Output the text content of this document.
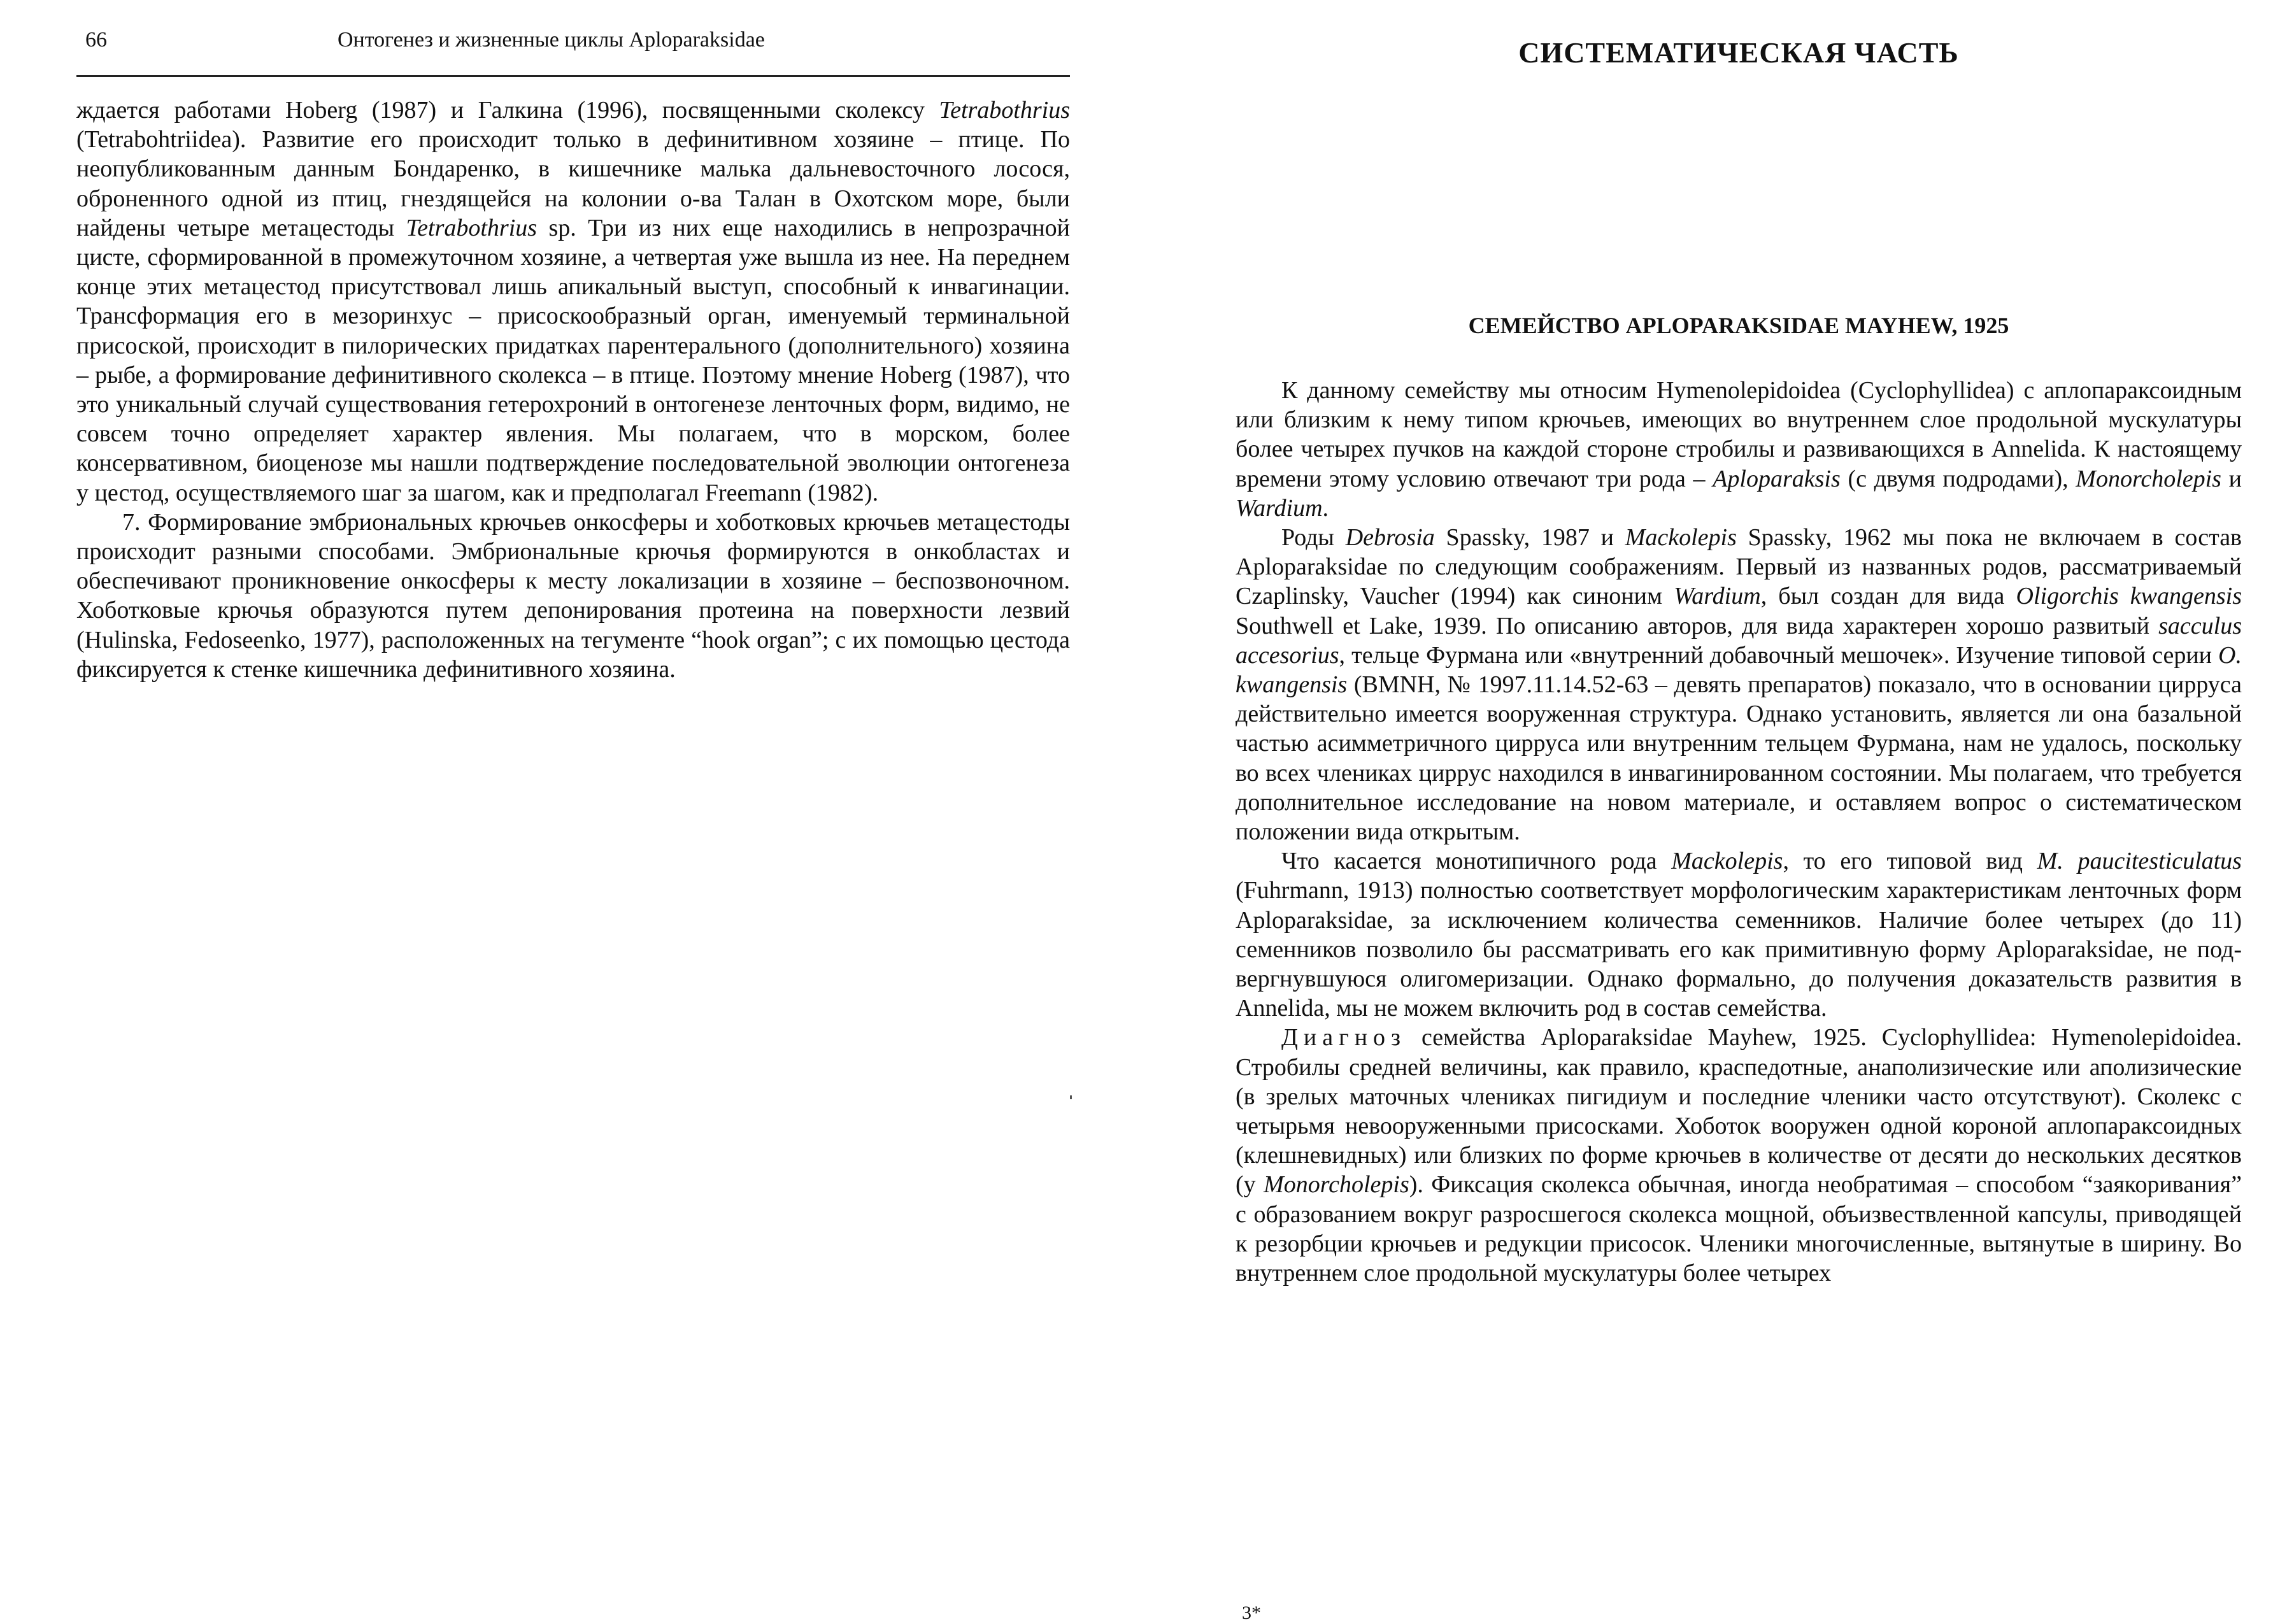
66	Онтогенез и жизненные циклы Aploparaksidae

ждается работами Hoberg (1987) и Галкина (1996), посвященными сколексу Tetrabothrius (Tetrabohtriidea). Развитие его происходит только в дефинитивном хозяине – птице. По неопубликованным данным Бондаренко, в кишечнике малька дальневосточного лосося, оброненного одной из птиц, гнездящейся на колонии о-ва Талан в Охотском море, были найдены четыре метацестоды Tetrabothrius sp. Три из них еще находились в непрозрачной цисте, сформированной в промежуточном хозяине, а четвертая уже вышла из нее. На переднем конце этих метацестод присутствовал лишь апикальный выступ, способный к инвагинации. Трансформация его в мезоринхус – присоскообразный орган, именуемый терминальной присоской, происходит в пилорических придатках парентерального (дополнительного) хозяина – рыбе, а формирование дефинитивного сколекса – в птице. Поэтому мнение Hoberg (1987), что это уникальный случай существования гетерохроний в онтогенезе ленточных форм, видимо, не совсем точно определяет характер явления. Мы полагаем, что в морском, более консервативном, биоценозе мы нашли подтверждение последовательной эволюции онтогенеза у цестод, осуществляемого шаг за шагом, как и предполагал Freemann (1982).

7. Формирование эмбриональных крючьев онкосферы и хоботковых крючьев метацестоды происходит разными способами. Эмбриональные крючья формируются в онкобластах и обеспечивают проникновение онкосферы к месту локализации в хозяине – беспозвоночном. Хоботковые крючья образуются путем депонирования протеина на поверхности лезвий (Hulinska, Fedoseenko, 1977), расположенных на тегументе “hook organ”; с их помощью цестода фиксируется к стенке кишечника дефинитивного хозяина.

СИСТЕМАТИЧЕСКАЯ ЧАСТЬ
СЕМЕЙСТВО APLOPARAKSIDAE MAYHEW, 1925

К данному семейству мы относим Hymenolepidoidea (Cyclophyllidea) с аплопараксоидным или близким к нему типом крючьев, имеющих во внутреннем слое продольной мускулатуры более четырех пучков на каждой стороне стробилы и развивающихся в Annelida. К настоящему времени этому условию отвечают три рода – Aploparaksis (с двумя подродами), Monorcholepis и Wardium.

Роды Debrosia Spassky, 1987 и Mackolepis Spassky, 1962 мы пока не включаем в состав Aploparaksidae по следующим соображениям. Первый из названных родов, рассматриваемый Czaplinsky, Vaucher (1994) как синоним Wardium, был создан для вида Oligorchis kwangensis Southwell et Lake, 1939. По описанию авторов, для вида характерен хорошо развитый sacculus accesorius, тельце Фурмана или «внутренний добавочный мешочек». Изучение типовой серии O. kwangensis (BMNH, № 1997.11.14.52-63 – девять препаратов) показало, что в основании цирруса действительно имеется вооруженная структура. Однако установить, является ли она базальной частью асимметричного цирруса или внутренним тельцем Фурмана, нам не удалось, поскольку во всех члениках циррус находился в инвагинированном состоянии. Мы полагаем, что требуется дополнительное исследование на новом материале, и оставляем вопрос о систематическом положении вида открытым.

Что касается монотипичного рода Mackolepis, то его типовой вид M. paucitesticulatus (Fuhrmann, 1913) полностью соответствует морфологическим характеристикам ленточных форм Aploparaksidae, за исключением количества семенников. Наличие более четырех (до 11) семенников позволило бы рассматривать его как примитивную форму Aploparaksidae, не подвергнувшуюся олигомеризации. Однако формально, до получения доказательств развития в Annelida, мы не можем включить род в состав семейства.

Диагноз семейства Aploparaksidae Mayhew, 1925. Cyclophyllidea: Hymenolepidoidea. Стробилы средней величины, как правило, краспедотные, анаполизические или аполизические (в зрелых маточных члениках пигидиум и последние членики часто отсутствуют). Сколекс с четырьмя невооруженными присосками. Хоботок вооружен одной короной аплопараксоидных (клешневидных) или близких по форме крючьев в количестве от десяти до нескольких десятков (у Monorcholepis). Фиксация сколекса обычная, иногда необратимая – способом “заякоривания” с образованием вокруг разросшегося сколекса мощной, объизвествленной капсулы, приводящей к резорбции крючьев и редукции присосок. Членики многочисленные, вытянутые в ширину. Во внутреннем слое продольной мускулатуры более четырех

3*
